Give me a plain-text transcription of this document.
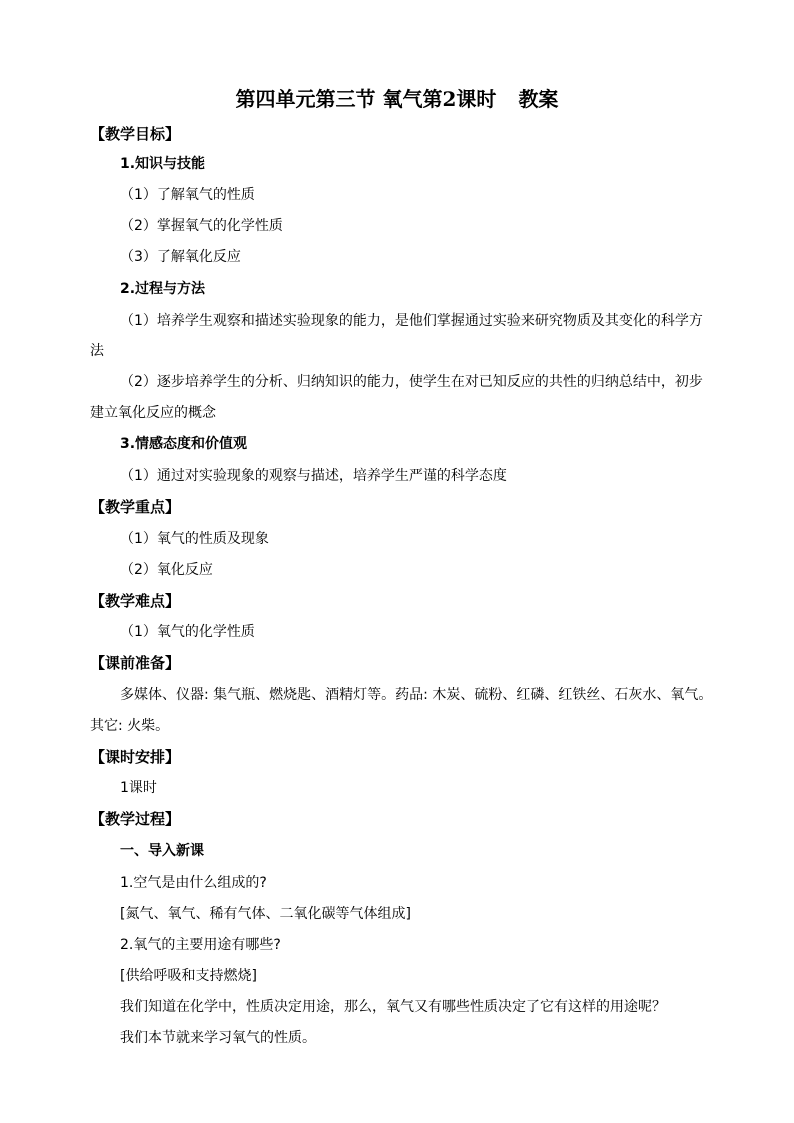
第四单元第三节 氧气第2课时 教案
【教学目标】
1.知识与技能
（1）了解氧气的性质
（2）掌握氧气的化学性质
（3）了解氧化反应
2.过程与方法
（1）培养学生观察和描述实验现象的能力，是他们掌握通过实验来研究物质及其变化的科学方
法
（2）逐步培养学生的分析、归纳知识的能力，使学生在对已知反应的共性的归纳总结中，初步
建立氧化反应的概念
3.情感态度和价值观
（1）通过对实验现象的观察与描述，培养学生严谨的科学态度
【教学重点】
（1）氧气的性质及现象
（2）氧化反应
【教学难点】
（1）氧气的化学性质
【课前准备】
多媒体、仪器: 集气瓶、燃烧匙、酒精灯等。药品: 木炭、硫粉、红磷、红铁丝、石灰水、氧气。
其它: 火柴。
【课时安排】
1课时
【教学过程】
一、导入新课
1.空气是由什么组成的?
[氮气、氧气、稀有气体、二氧化碳等气体组成]
2.氧气的主要用途有哪些?
[供给呼吸和支持燃烧]
我们知道在化学中，性质决定用途，那么，氧气又有哪些性质决定了它有这样的用途呢？
我们本节就来学习氧气的性质。
